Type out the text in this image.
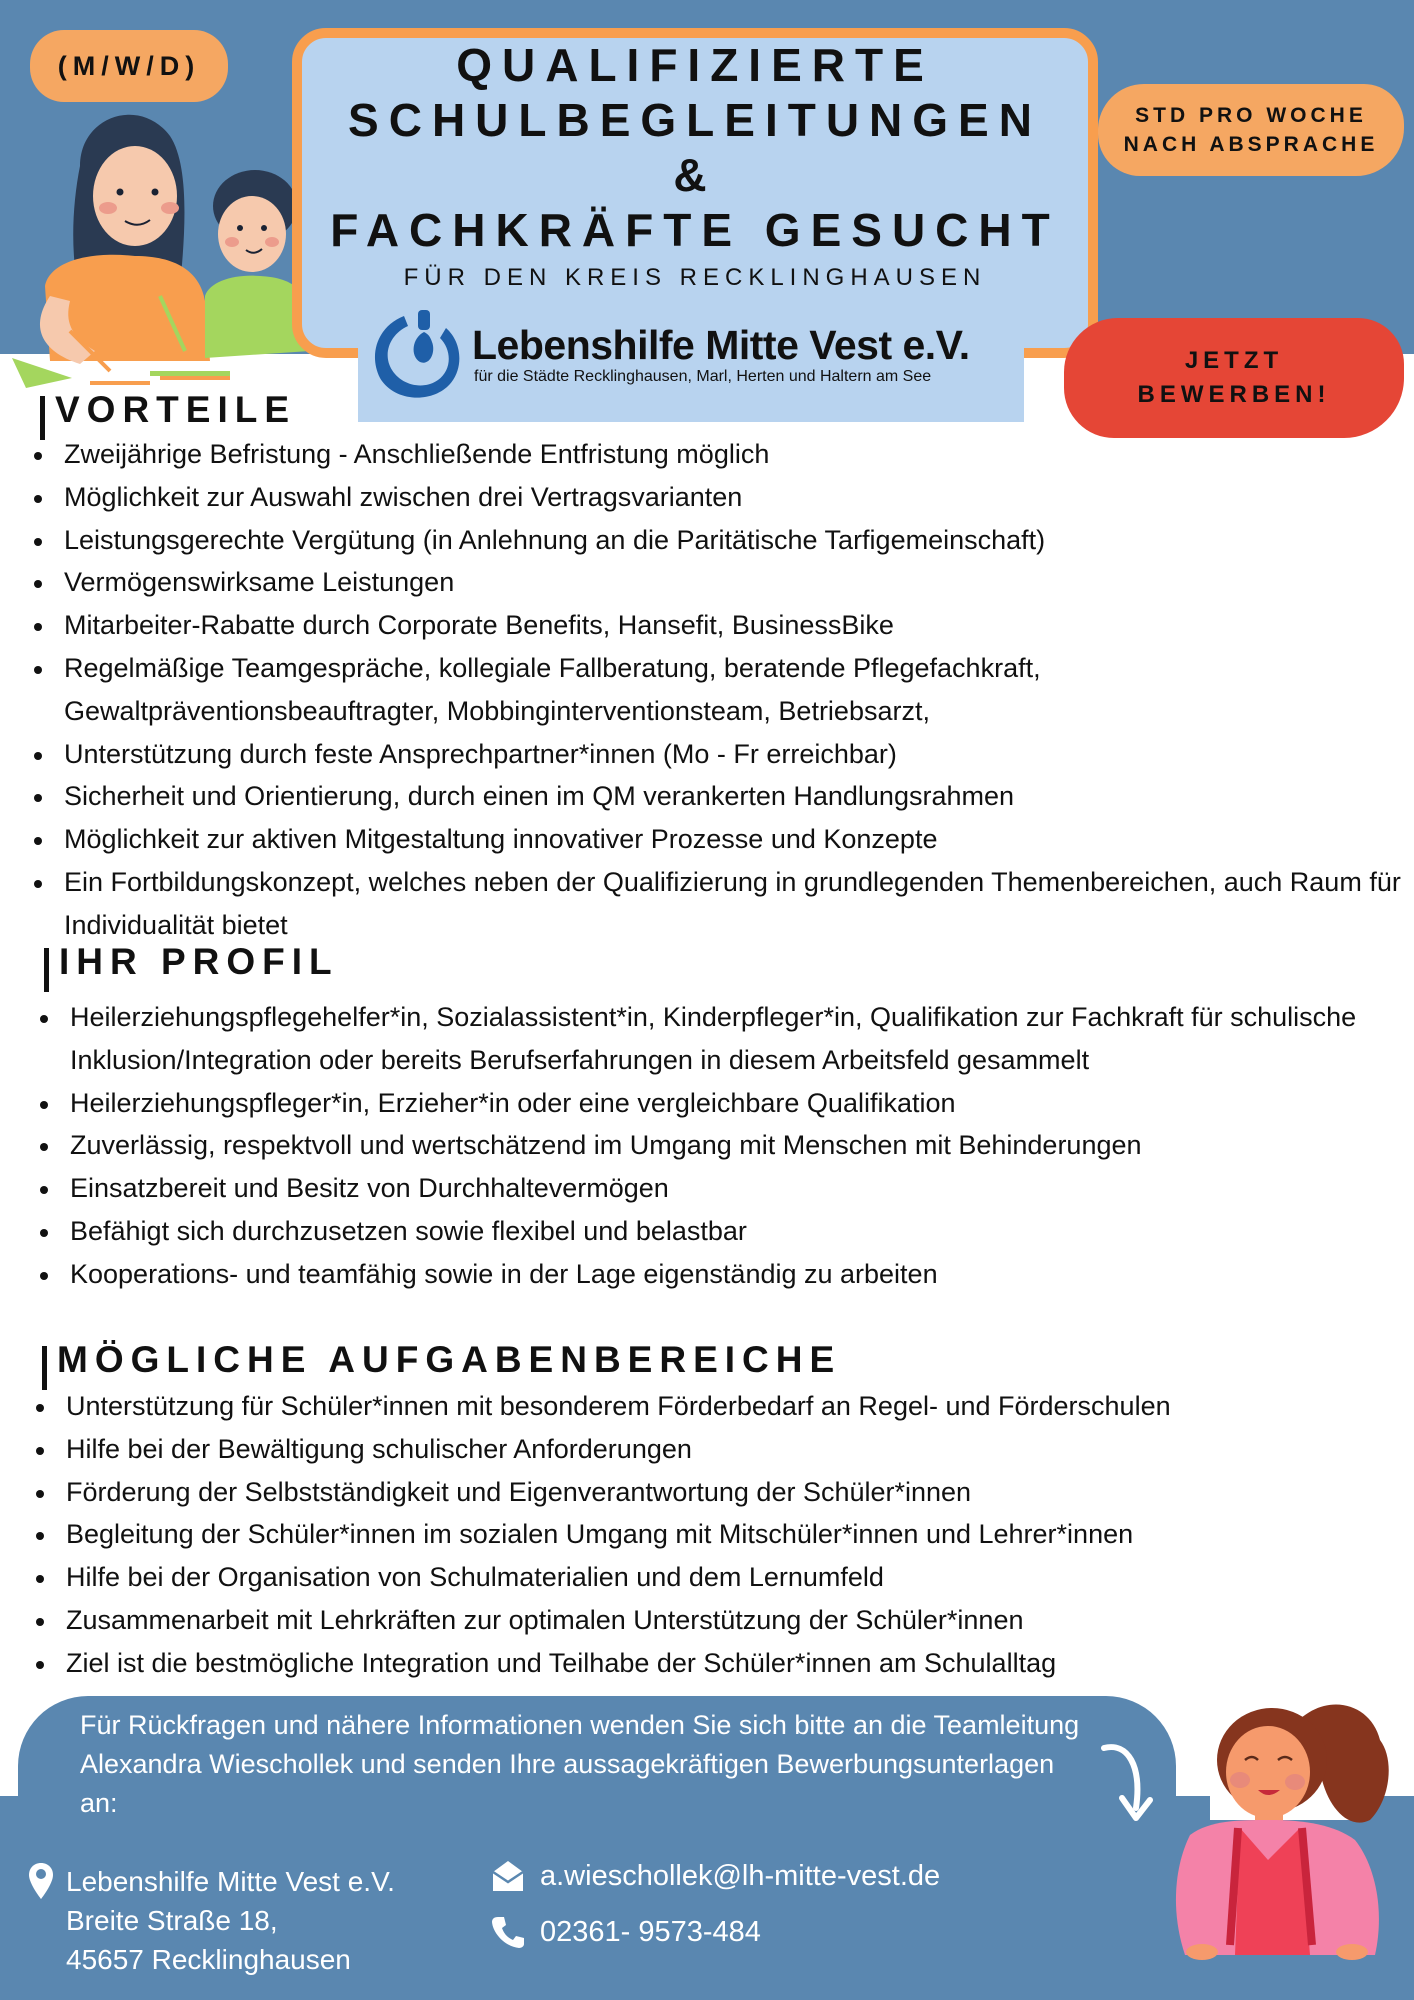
(M/W/D)	QUALIFIZIERTE
SCHULBEGLEITUNGEN
&
FACHKRÄFTE GESUCHT
FÜR DEN KREIS RECKLINGHAUSEN
Lebenshilfe Mitte Vest e.V.
für die Städte Recklinghausen, Marl, Herten und Haltern am See
STD PRO WOCHE
NACH ABSPRACHE
JETZT
BEWERBEN!
VORTEILE
Zweijährige Befristung - Anschließende Entfristung möglich
Möglichkeit zur Auswahl zwischen drei Vertragsvarianten
Leistungsgerechte Vergütung (in Anlehnung an die Paritätische Tarfigemeinschaft)
Vermögenswirksame Leistungen
Mitarbeiter-Rabatte durch Corporate Benefits, Hansefit, BusinessBike
Regelmäßige Teamgespräche, kollegiale Fallberatung, beratende Pflegefachkraft, Gewaltpräventionsbeauftragter, Mobbinginterventionsteam, Betriebsarzt,
Unterstützung durch feste Ansprechpartner*innen (Mo - Fr erreichbar)
Sicherheit und Orientierung, durch einen im QM verankerten Handlungsrahmen
Möglichkeit zur aktiven Mitgestaltung innovativer Prozesse und Konzepte
Ein Fortbildungskonzept, welches neben der Qualifizierung in grundlegenden Themenbereichen, auch Raum für Individualität bietet
IHR PROFIL
Heilerziehungspflegehelfer*in, Sozialassistent*in, Kinderpfleger*in, Qualifikation zur Fachkraft für schulische Inklusion/Integration oder bereits Berufserfahrungen in diesem Arbeitsfeld gesammelt
Heilerziehungspfleger*in, Erzieher*in oder eine vergleichbare Qualifikation
Zuverlässig, respektvoll und wertschätzend im Umgang mit Menschen mit Behinderungen
Einsatzbereit und Besitz von Durchhaltevermögen
Befähigt sich durchzusetzen sowie flexibel und belastbar
Kooperations- und teamfähig sowie in der Lage eigenständig zu arbeiten
MÖGLICHE AUFGABENBEREICHE
Unterstützung für Schüler*innen mit besonderem Förderbedarf an Regel- und Förderschulen
Hilfe bei der Bewältigung schulischer Anforderungen
Förderung der Selbstständigkeit und Eigenverantwortung der Schüler*innen
Begleitung der Schüler*innen im sozialen Umgang mit Mitschüler*innen und Lehrer*innen
Hilfe bei der Organisation von Schulmaterialien und dem Lernumfeld
Zusammenarbeit mit Lehrkräften zur optimalen Unterstützung der Schüler*innen
Ziel ist die bestmögliche Integration und Teilhabe der Schüler*innen am Schulalltag

Für Rückfragen und nähere Informationen wenden Sie sich bitte an die Teamleitung Alexandra Wieschollek und senden Ihre aussagekräftigen Bewerbungsunterlagen an:

Lebenshilfe Mitte Vest e.V.
Breite Straße 18,
45657 Recklinghausen
a.wieschollek@lh-mitte-vest.de
02361- 9573-484
